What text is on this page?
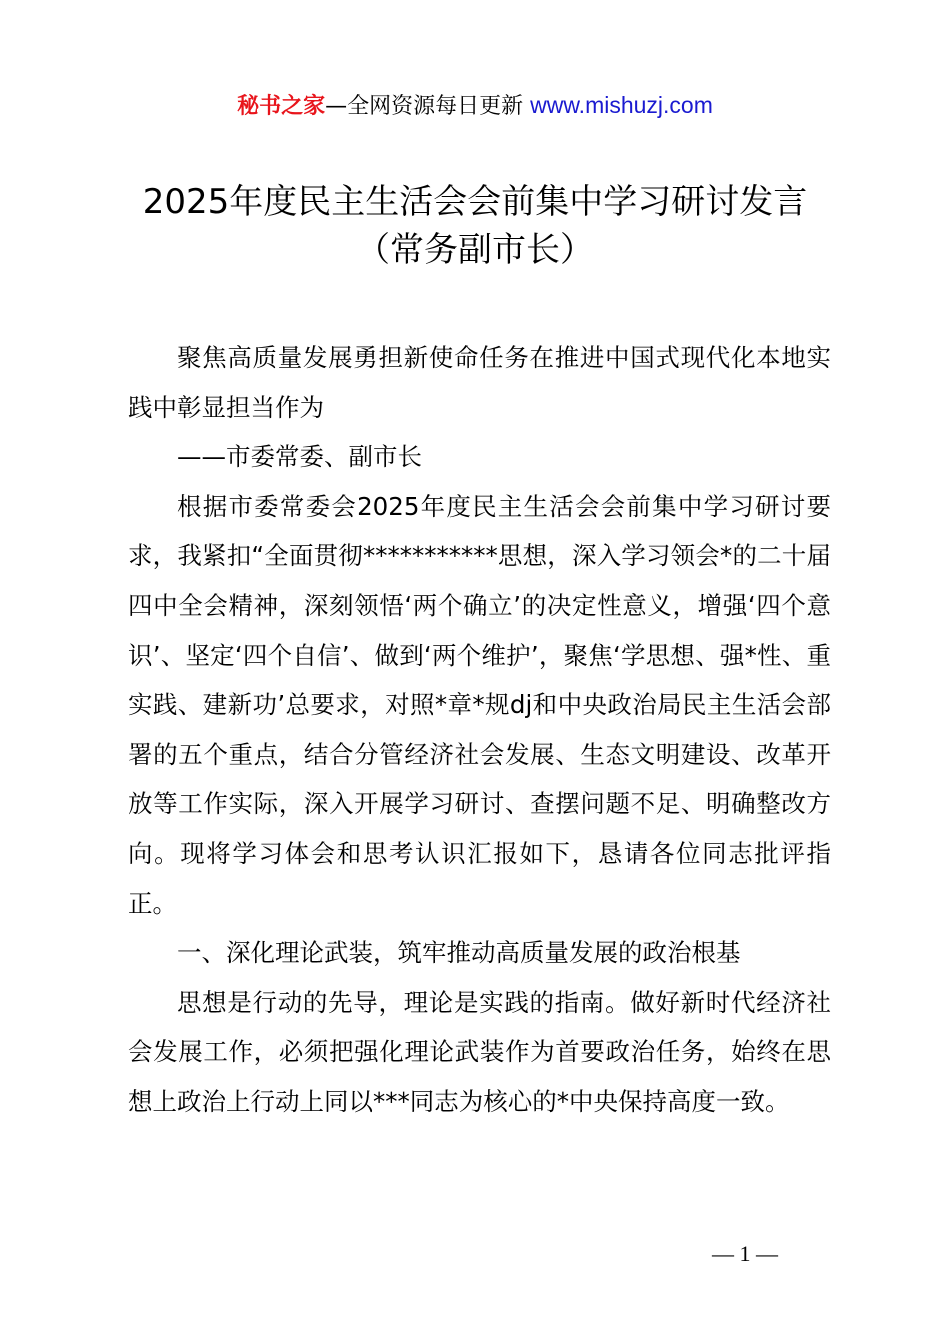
秘书之家—全网资源每日更新 www.mishuzj.com
2025年度民主生活会会前集中学习研讨发言
（常务副市长）

聚焦高质量发展勇担新使命任务在推进中国式现代化本地实践中彰显担当作为

——市委常委、副市长

根据市委常委会2025年度民主生活会会前集中学习研讨要求，我紧扣“全面贯彻***********思想，深入学习领会*的二十届四中全会精神，深刻领悟‘两个确立’的决定性意义，增强‘四个意识’、坚定‘四个自信’、做到‘两个维护’，聚焦‘学思想、强*性、重实践、建新功’总要求，对照*章*规dj和中央政治局民主生活会部署的五个重点，结合分管经济社会发展、生态文明建设、改革开放等工作实际，深入开展学习研讨、查摆问题不足、明确整改方向。现将学习体会和思考认识汇报如下，恳请各位同志批评指正。

一、深化理论武装，筑牢推动高质量发展的政治根基

思想是行动的先导，理论是实践的指南。做好新时代经济社会发展工作，必须把强化理论武装作为首要政治任务，始终在思想上政治上行动上同以***同志为核心的*中央保持高度一致。

— 1 —
